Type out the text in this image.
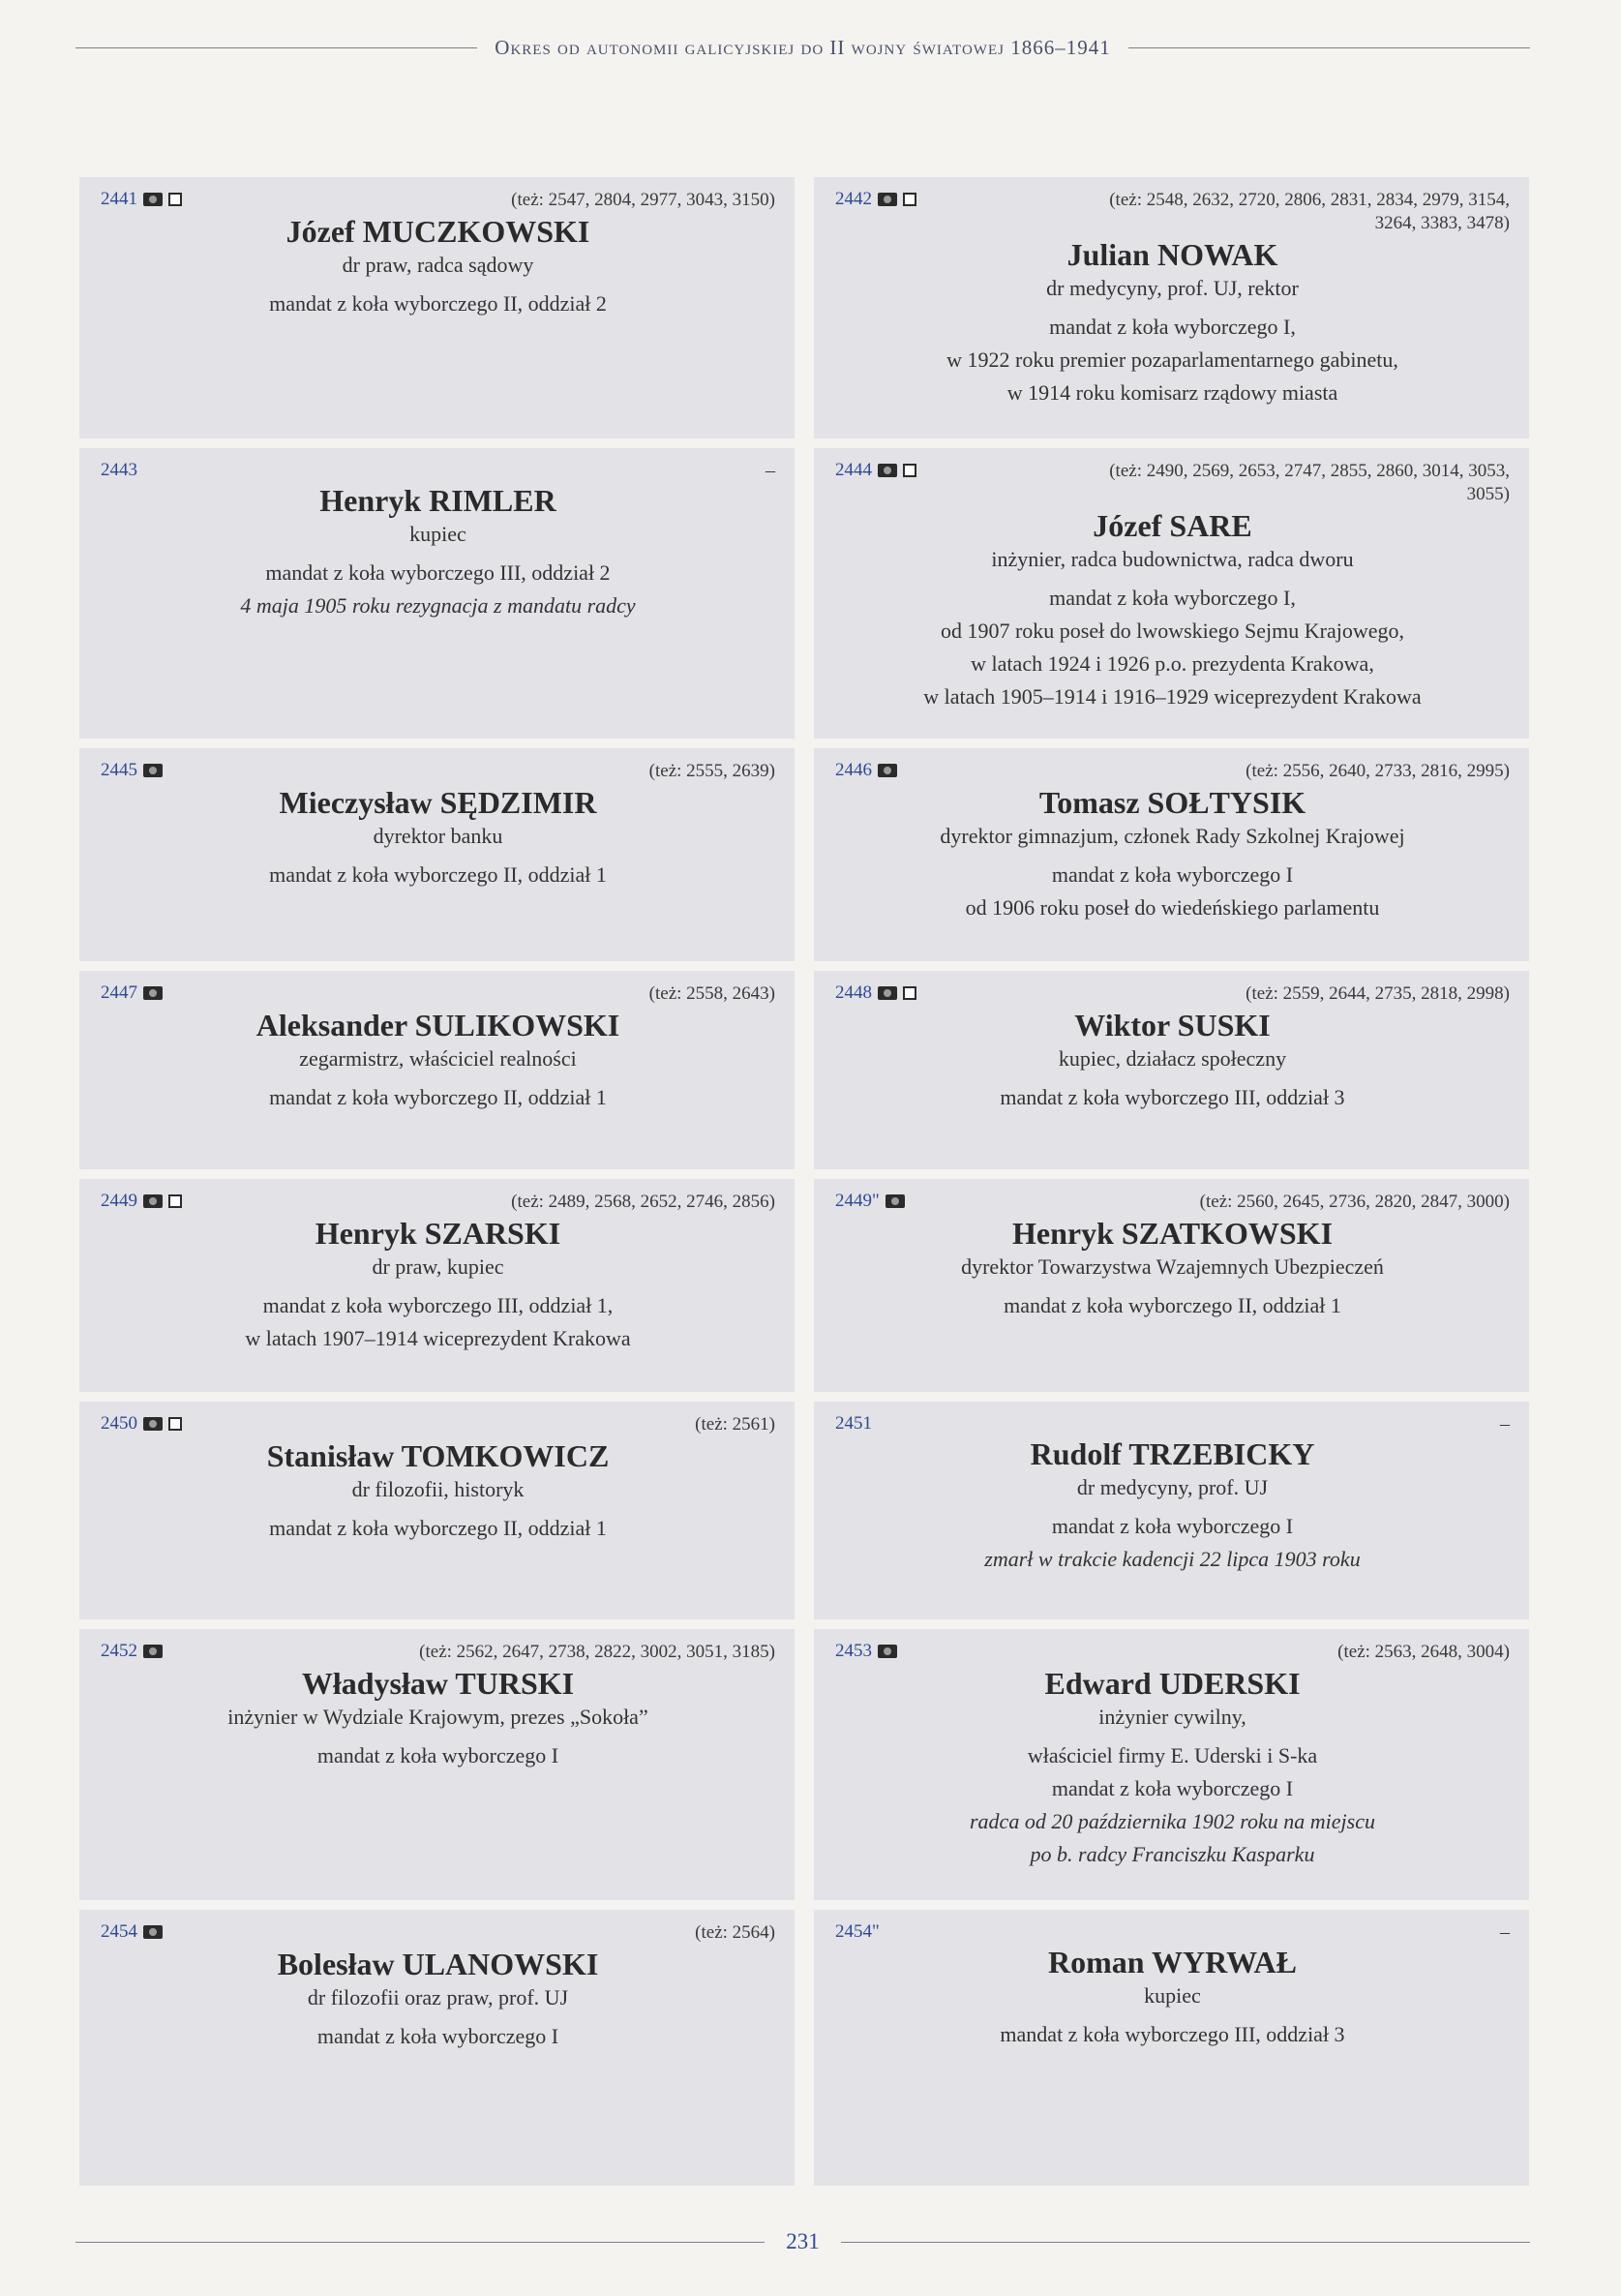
Okres od autonomii galicyjskiej do II wojny światowej 1866–1941
2441	(też: 2547, 2804, 2977, 3043, 3150)
Józef MUCZKOWSKI
dr praw, radca sądowy
mandat z koła wyborczego II, oddział 2
2442	(też: 2548, 2632, 2720, 2806, 2831, 2834, 2979, 3154, 3264, 3383, 3478)
Julian NOWAK
dr medycyny, prof. UJ, rektor
mandat z koła wyborczego I,
w 1922 roku premier pozaparlamentarnego gabinetu,
w 1914 roku komisarz rządowy miasta
2443	–
Henryk RIMLER
kupiec
mandat z koła wyborczego III, oddział 2
4 maja 1905 roku rezygnacja z mandatu radcy
2444	(też: 2490, 2569, 2653, 2747, 2855, 2860, 3014, 3053, 3055)
Józef SARE
inżynier, radca budownictwa, radca dworu
mandat z koła wyborczego I,
od 1907 roku poseł do lwowskiego Sejmu Krajowego,
w latach 1924 i 1926 p.o. prezydenta Krakowa,
w latach 1905–1914 i 1916–1929 wiceprezydent Krakowa
2445	(też: 2555, 2639)
Mieczysław SĘDZIMIR
dyrektor banku
mandat z koła wyborczego II, oddział 1
2446	(też: 2556, 2640, 2733, 2816, 2995)
Tomasz SOŁTYSIK
dyrektor gimnazjum, członek Rady Szkolnej Krajowej
mandat z koła wyborczego I
od 1906 roku poseł do wiedeńskiego parlamentu
2447	(też: 2558, 2643)
Aleksander SULIKOWSKI
zegarmistrz, właściciel realności
mandat z koła wyborczego II, oddział 1
2448	(też: 2559, 2644, 2735, 2818, 2998)
Wiktor SUSKI
kupiec, działacz społeczny
mandat z koła wyborczego III, oddział 3
2449	(też: 2489, 2568, 2652, 2746, 2856)
Henryk SZARSKI
dr praw, kupiec
mandat z koła wyborczego III, oddział 1,
w latach 1907–1914 wiceprezydent Krakowa
2449"	(też: 2560, 2645, 2736, 2820, 2847, 3000)
Henryk SZATKOWSKI
dyrektor Towarzystwa Wzajemnych Ubezpieczeń
mandat z koła wyborczego II, oddział 1
2450	(też: 2561)
Stanisław TOMKOWICZ
dr filozofii, historyk
mandat z koła wyborczego II, oddział 1
2451	–
Rudolf TRZEBICKY
dr medycyny, prof. UJ
mandat z koła wyborczego I
zmarł w trakcie kadencji 22 lipca 1903 roku
2452	(też: 2562, 2647, 2738, 2822, 3002, 3051, 3185)
Władysław TURSKI
inżynier w Wydziale Krajowym, prezes „Sokoła”
mandat z koła wyborczego I
2453	(też: 2563, 2648, 3004)
Edward UDERSKI
inżynier cywilny,
właściciel firmy E. Uderski i S-ka
mandat z koła wyborczego I
radca od 20 października 1902 roku na miejscu
po b. radcy Franciszku Kasparku
2454	(też: 2564)
Bolesław ULANOWSKI
dr filozofii oraz praw, prof. UJ
mandat z koła wyborczego I
2454"	–
Roman WYRWAŁ
kupiec
mandat z koła wyborczego III, oddział 3
231
